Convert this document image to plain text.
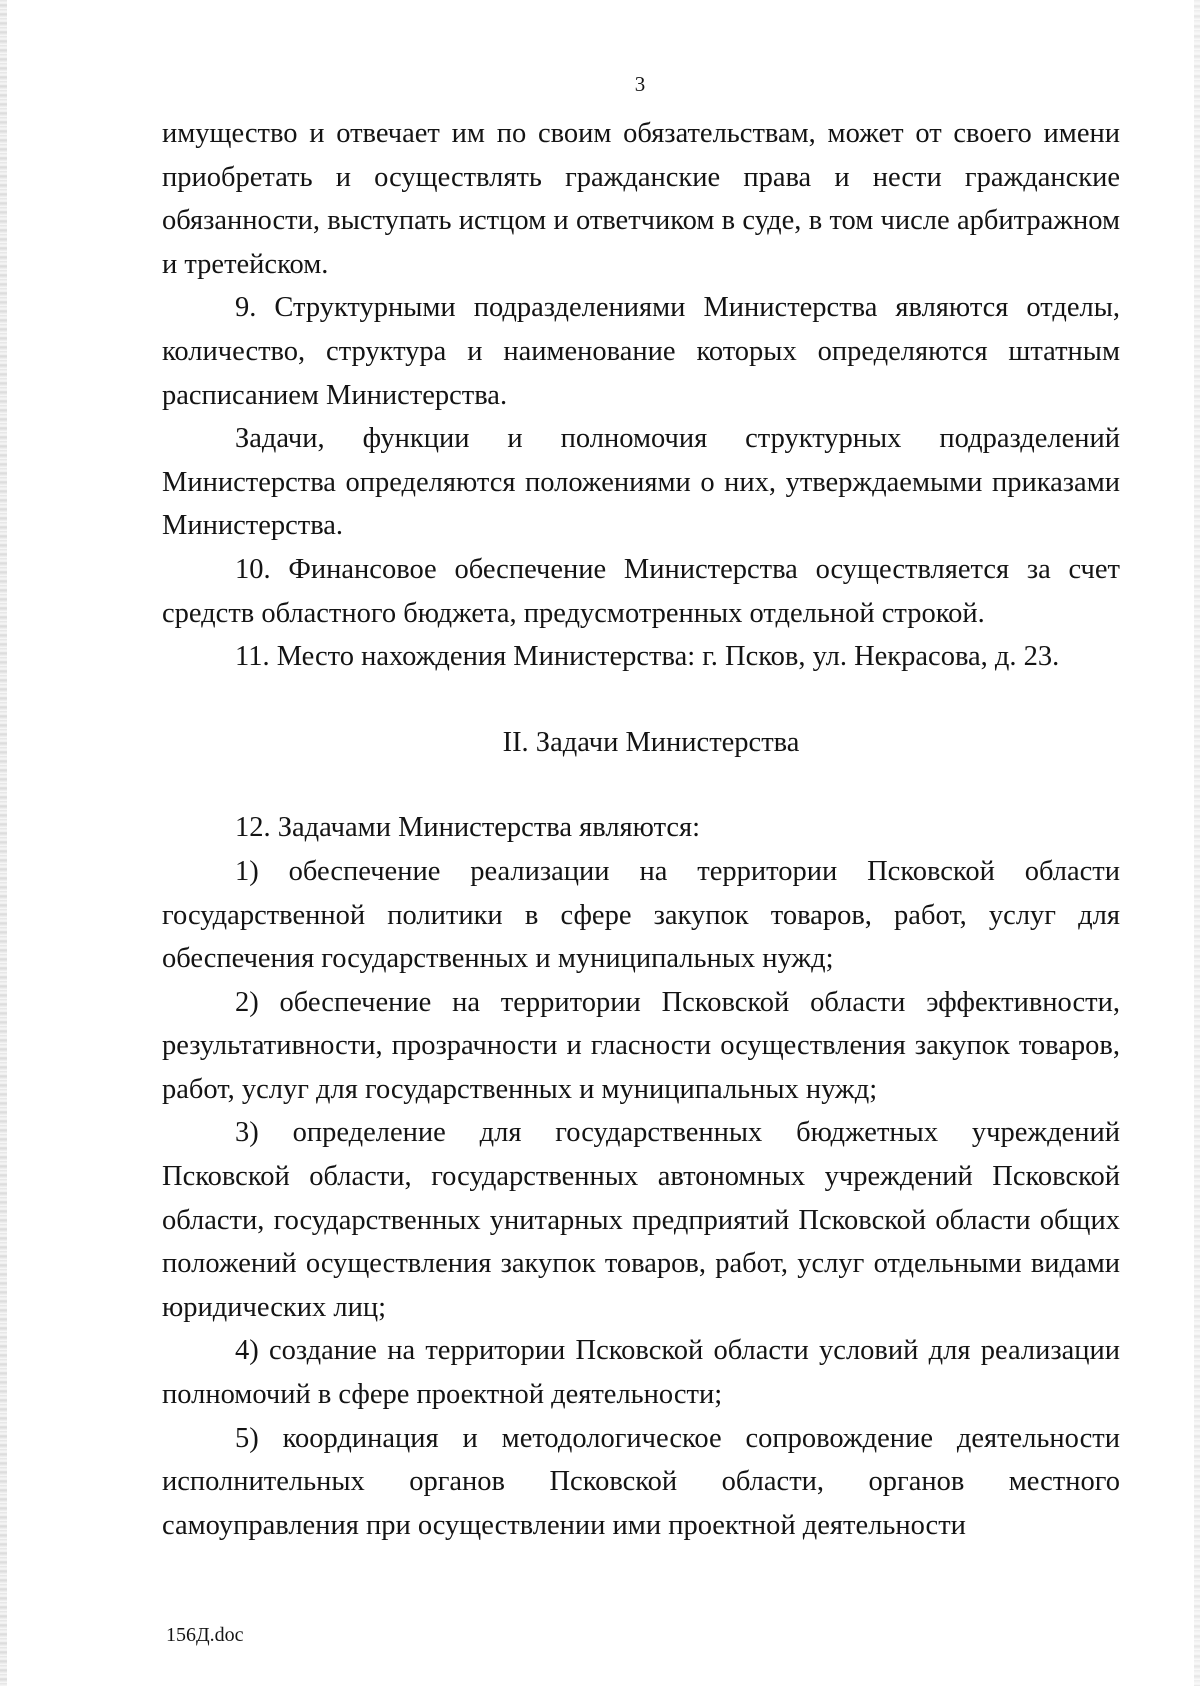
3

имущество и отвечает им по своим обязательствам, может от своего имени приобретать и осуществлять гражданские права и нести гражданские обязанности, выступать истцом и ответчиком в суде, в том числе арбитражном и третейском.

9. Структурными подразделениями Министерства являются отделы, количество, структура и наименование которых определяются штатным расписанием Министерства.

Задачи, функции и полномочия структурных подразделений Министерства определяются положениями о них, утверждаемыми приказами Министерства.

10. Финансовое обеспечение Министерства осуществляется за счет средств областного бюджета, предусмотренных отдельной строкой.

11. Место нахождения Министерства: г. Псков, ул. Некрасова, д. 23.

II. Задачи Министерства

12. Задачами Министерства являются:

1) обеспечение реализации на территории Псковской области государственной политики в сфере закупок товаров, работ, услуг для обеспечения государственных и муниципальных нужд;

2) обеспечение на территории Псковской области эффективности, результативности, прозрачности и гласности осуществления закупок товаров, работ, услуг для государственных и муниципальных нужд;

3) определение для государственных бюджетных учреждений Псковской области, государственных автономных учреждений Псковской области, государственных унитарных предприятий Псковской области общих положений осуществления закупок товаров, работ, услуг отдельными видами юридических лиц;

4) создание на территории Псковской области условий для реализации полномочий в сфере проектной деятельности;

5) координация и методологическое сопровождение деятельности исполнительных органов Псковской области, органов местного самоуправления при осуществлении ими проектной деятельности

156Д.doc
